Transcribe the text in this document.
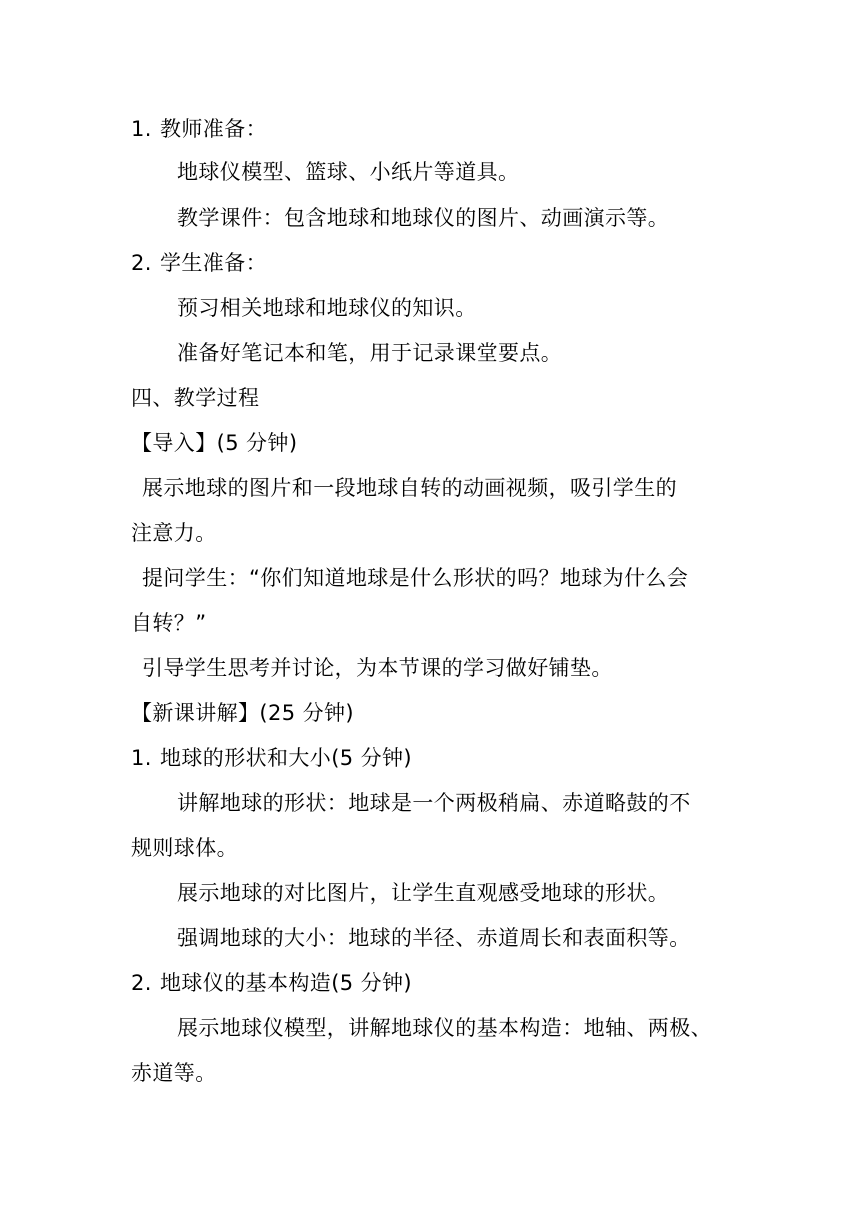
1. 教师准备：
地球仪模型、篮球、小纸片等道具。
教学课件：包含地球和地球仪的图片、动画演示等。
2. 学生准备：
预习相关地球和地球仪的知识。
准备好笔记本和笔，用于记录课堂要点。
四、教学过程
【导入】(5 分钟)
展示地球的图片和一段地球自转的动画视频，吸引学生的
注意力。
提问学生：“你们知道地球是什么形状的吗？地球为什么会
自转？”
引导学生思考并讨论，为本节课的学习做好铺垫。
【新课讲解】(25 分钟)
1. 地球的形状和大小(5 分钟)
讲解地球的形状：地球是一个两极稍扁、赤道略鼓的不
规则球体。
展示地球的对比图片，让学生直观感受地球的形状。
强调地球的大小：地球的半径、赤道周长和表面积等。
2. 地球仪的基本构造(5 分钟)
展示地球仪模型，讲解地球仪的基本构造：地轴、两极、
赤道等。
